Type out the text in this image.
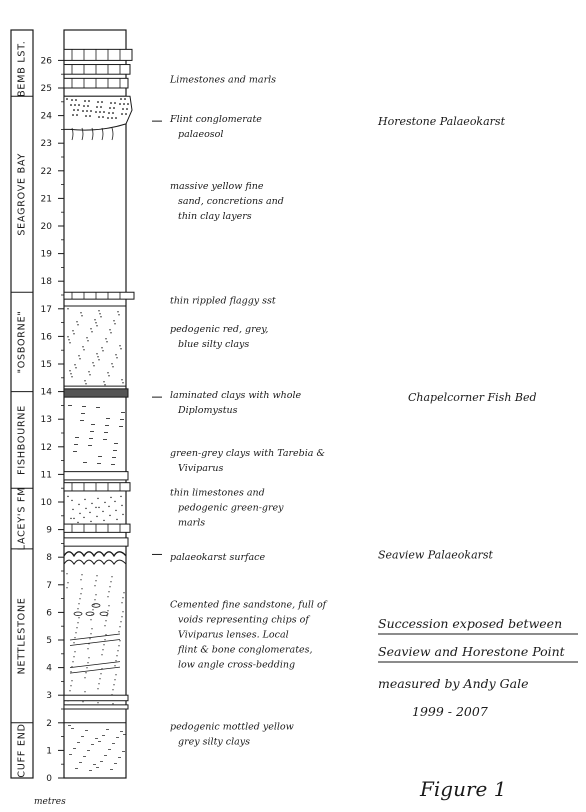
BEMB LST.
SEAGROVE BAY
"OSBORNE"
FISHBOURNE
LACEY'S FM
NETTLESTONE
CUFF END
metres
0
1
2
3
4
5
6
7
8
9
10
11
12
13
14
15
16
17
18
19
20
21
22
23
24
25
26
Limestones and marls
Flint conglomerate
palaeosol
massive yellow fine
sand, concretions and
thin clay layers
thin rippled flaggy sst
pedogenic red, grey,
blue silty clays
laminated clays with whole
Diplomystus
green-grey clays with Tarebia &
Viviparus
thin limestones and
pedogenic green-grey
marls
palaeokarst surface
Cemented fine sandstone, full of
voids representing chips of
Viviparus lenses. Local
flint & bone conglomerates,
low angle cross-bedding
pedogenic mottled yellow
grey silty clays
Horestone Palaeokarst
Chapelcorner Fish Bed
Seaview Palaeokarst
Succession exposed between
Seaview and Horestone Point
measured by Andy Gale
1999 - 2007
Figure 1
